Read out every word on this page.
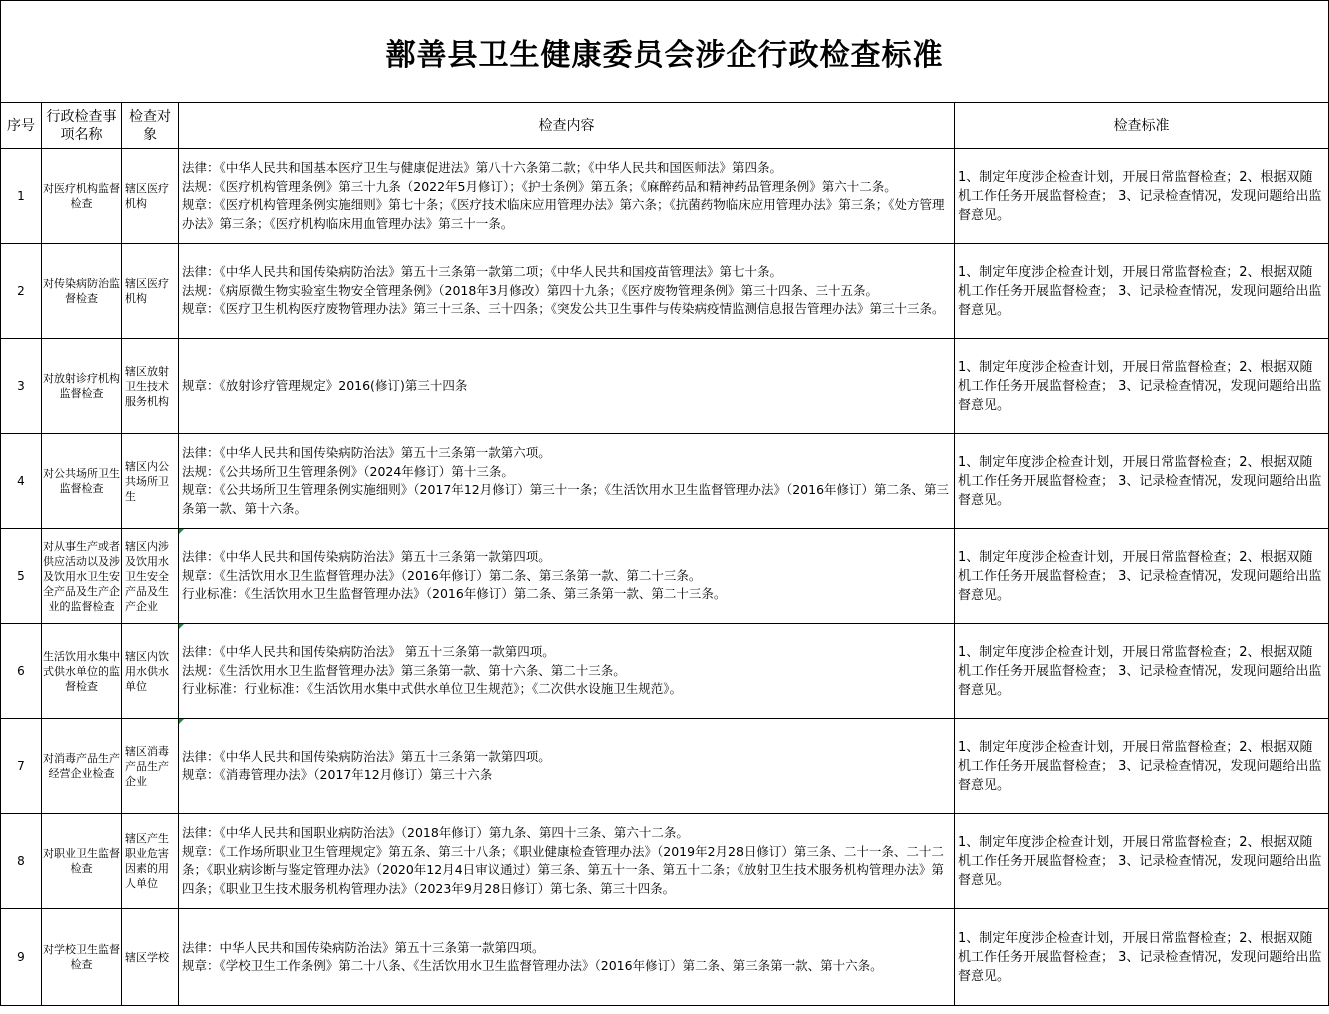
鄯善县卫生健康委员会涉企行政检查标准
序号	行政检查事项名称	检查对象	检查内容	检查标准
1	对医疗机构监督检查	辖区医疗机构	法律：《中华人民共和国基本医疗卫生与健康促进法》第八十六条第二款；《中华人民共和国医师法》第四条。
法规：《医疗机构管理条例》第三十九条（2022年5月修订）；《护士条例》第五条；《麻醉药品和精神药品管理条例》第六十二条。
规章：《医疗机构管理条例实施细则》第七十条；《医疗技术临床应用管理办法》第六条；《抗菌药物临床应用管理办法》第三条；《处方管理办法》第三条；《医疗机构临床用血管理办法》第三十一条。	1、制定年度涉企检查计划，开展日常监督检查；2、根据双随机工作任务开展监督检查； 3、记录检查情况，发现问题给出监督意见。
2	对传染病防治监督检查	辖区医疗机构	法律：《中华人民共和国传染病防治法》第五十三条第一款第二项；《中华人民共和国疫苗管理法》第七十条。
法规：《病原微生物实验室生物安全管理条例》（2018年3月修改）第四十九条；《医疗废物管理条例》第三十四条、三十五条。
规章：《医疗卫生机构医疗废物管理办法》第三十三条、三十四条；《突发公共卫生事件与传染病疫情监测信息报告管理办法》第三十三条。	1、制定年度涉企检查计划，开展日常监督检查；2、根据双随机工作任务开展监督检查； 3、记录检查情况，发现问题给出监督意见。
3	对放射诊疗机构监督检查	辖区放射卫生技术服务机构	规章：《放射诊疗管理规定》2016(修订)第三十四条	1、制定年度涉企检查计划，开展日常监督检查；2、根据双随机工作任务开展监督检查； 3、记录检查情况，发现问题给出监督意见。
4	对公共场所卫生监督检查	辖区内公共场所卫生	法律：《中华人民共和国传染病防治法》第五十三条第一款第六项。
法规：《公共场所卫生管理条例》（2024年修订）第十三条。
规章：《公共场所卫生管理条例实施细则》（2017年12月修订）第三十一条；《生活饮用水卫生监督管理办法》（2016年修订）第二条、第三条第一款、第十六条。	1、制定年度涉企检查计划，开展日常监督检查；2、根据双随机工作任务开展监督检查； 3、记录检查情况，发现问题给出监督意见。
5	对从事生产或者供应活动以及涉及饮用水卫生安全产品及生产企业的监督检查	辖区内涉及饮用水卫生安全产品及生产企业	法律：《中华人民共和国传染病防治法》第五十三条第一款第四项。
规章：《生活饮用水卫生监督管理办法》（2016年修订）第二条、第三条第一款、第二十三条。
行业标准：《生活饮用水卫生监督管理办法》（2016年修订）第二条、第三条第一款、第二十三条。	1、制定年度涉企检查计划，开展日常监督检查；2、根据双随机工作任务开展监督检查； 3、记录检查情况，发现问题给出监督意见。
6	生活饮用水集中式供水单位的监督检查	辖区内饮用水供水单位	法律：《中华人民共和国传染病防治法》 第五十三条第一款第四项。
法规：《生活饮用水卫生监督管理办法》第三条第一款、第十六条、第二十三条。
行业标准：行业标准：《生活饮用水集中式供水单位卫生规范》；《二次供水设施卫生规范》。	1、制定年度涉企检查计划，开展日常监督检查；2、根据双随机工作任务开展监督检查； 3、记录检查情况，发现问题给出监督意见。
7	对消毒产品生产经营企业检查	辖区消毒产品生产企业	法律：《中华人民共和国传染病防治法》第五十三条第一款第四项。
规章：《消毒管理办法》（2017年12月修订）第三十六条	1、制定年度涉企检查计划，开展日常监督检查；2、根据双随机工作任务开展监督检查； 3、记录检查情况，发现问题给出监督意见。
8	对职业卫生监督检查	辖区产生职业危害因素的用人单位	法律：《中华人民共和国职业病防治法》（2018年修订）第九条、第四十三条、第六十二条。
规章：《工作场所职业卫生管理规定》第五条、第三十八条；《职业健康检查管理办法》（2019年2月28日修订）第三条、二十一条、二十二条；《职业病诊断与鉴定管理办法》（2020年12月4日审议通过）第三条、第五十一条、第五十二条；《放射卫生技术服务机构管理办法》第四条；《职业卫生技术服务机构管理办法》（2023年9月28日修订）第七条、第三十四条。	1、制定年度涉企检查计划，开展日常监督检查；2、根据双随机工作任务开展监督检查； 3、记录检查情况，发现问题给出监督意见。
9	对学校卫生监督检查	辖区学校	法律：中华人民共和国传染病防治法》第五十三条第一款第四项。
规章：《学校卫生工作条例》第二十八条、《生活饮用水卫生监督管理办法》（2016年修订）第二条、第三条第一款、第十六条。	1、制定年度涉企检查计划，开展日常监督检查；2、根据双随机工作任务开展监督检查； 3、记录检查情况，发现问题给出监督意见。
